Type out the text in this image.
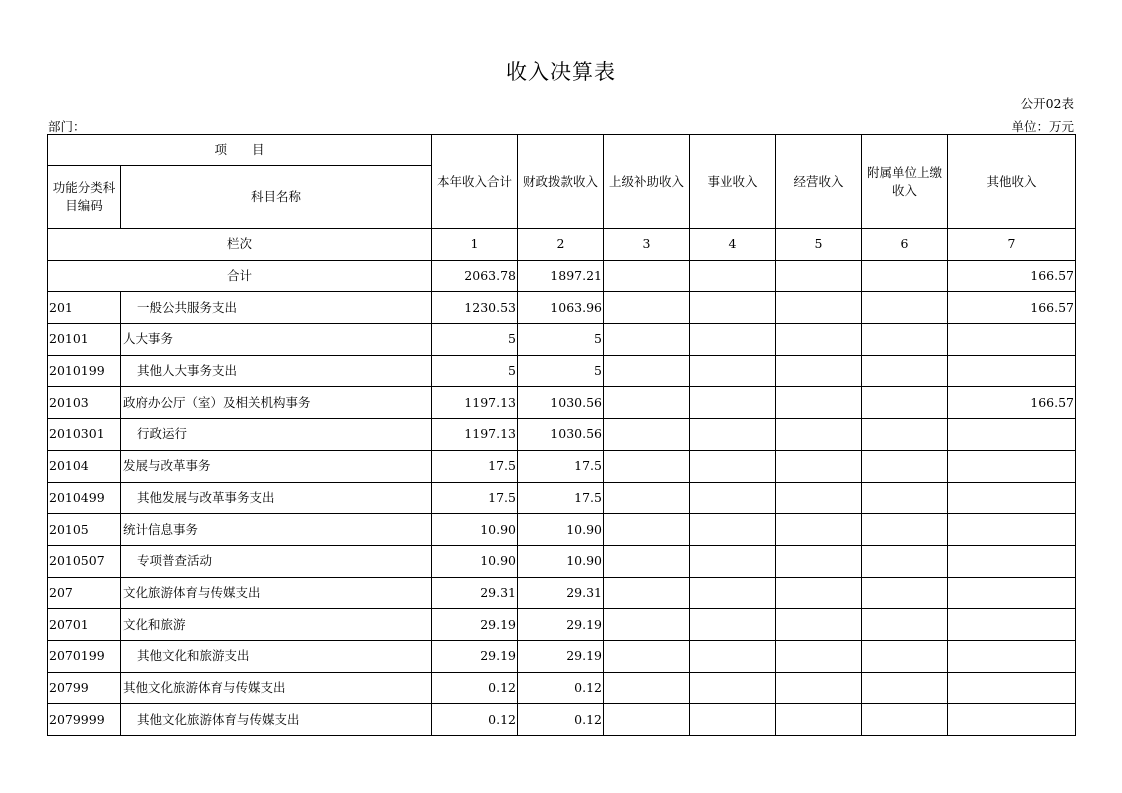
收入决算表
公开02表
部门：	单位：万元
项　　目		本年收入合计	财政拨款收入	上级补助收入	事业收入	经营收入	附属单位上缴收入	其他收入
功能分类科目编码	科目名称							
栏次		1	2	3	4	5	6	7
合计		2063.78	1897.21					166.57
201	一般公共服务支出	1230.53	1063.96					166.57
20101	人大事务	5	5					
2010199	其他人大事务支出	5	5					
20103	政府办公厅（室）及相关机构事务	1197.13	1030.56					166.57
2010301	行政运行	1197.13	1030.56					
20104	发展与改革事务	17.5	17.5					
2010499	其他发展与改革事务支出	17.5	17.5					
20105	统计信息事务	10.90	10.90					
2010507	专项普查活动	10.90	10.90					
207	文化旅游体育与传媒支出	29.31	29.31					
20701	文化和旅游	29.19	29.19					
2070199	其他文化和旅游支出	29.19	29.19					
20799	其他文化旅游体育与传媒支出	0.12	0.12					
2079999	其他文化旅游体育与传媒支出	0.12	0.12					
